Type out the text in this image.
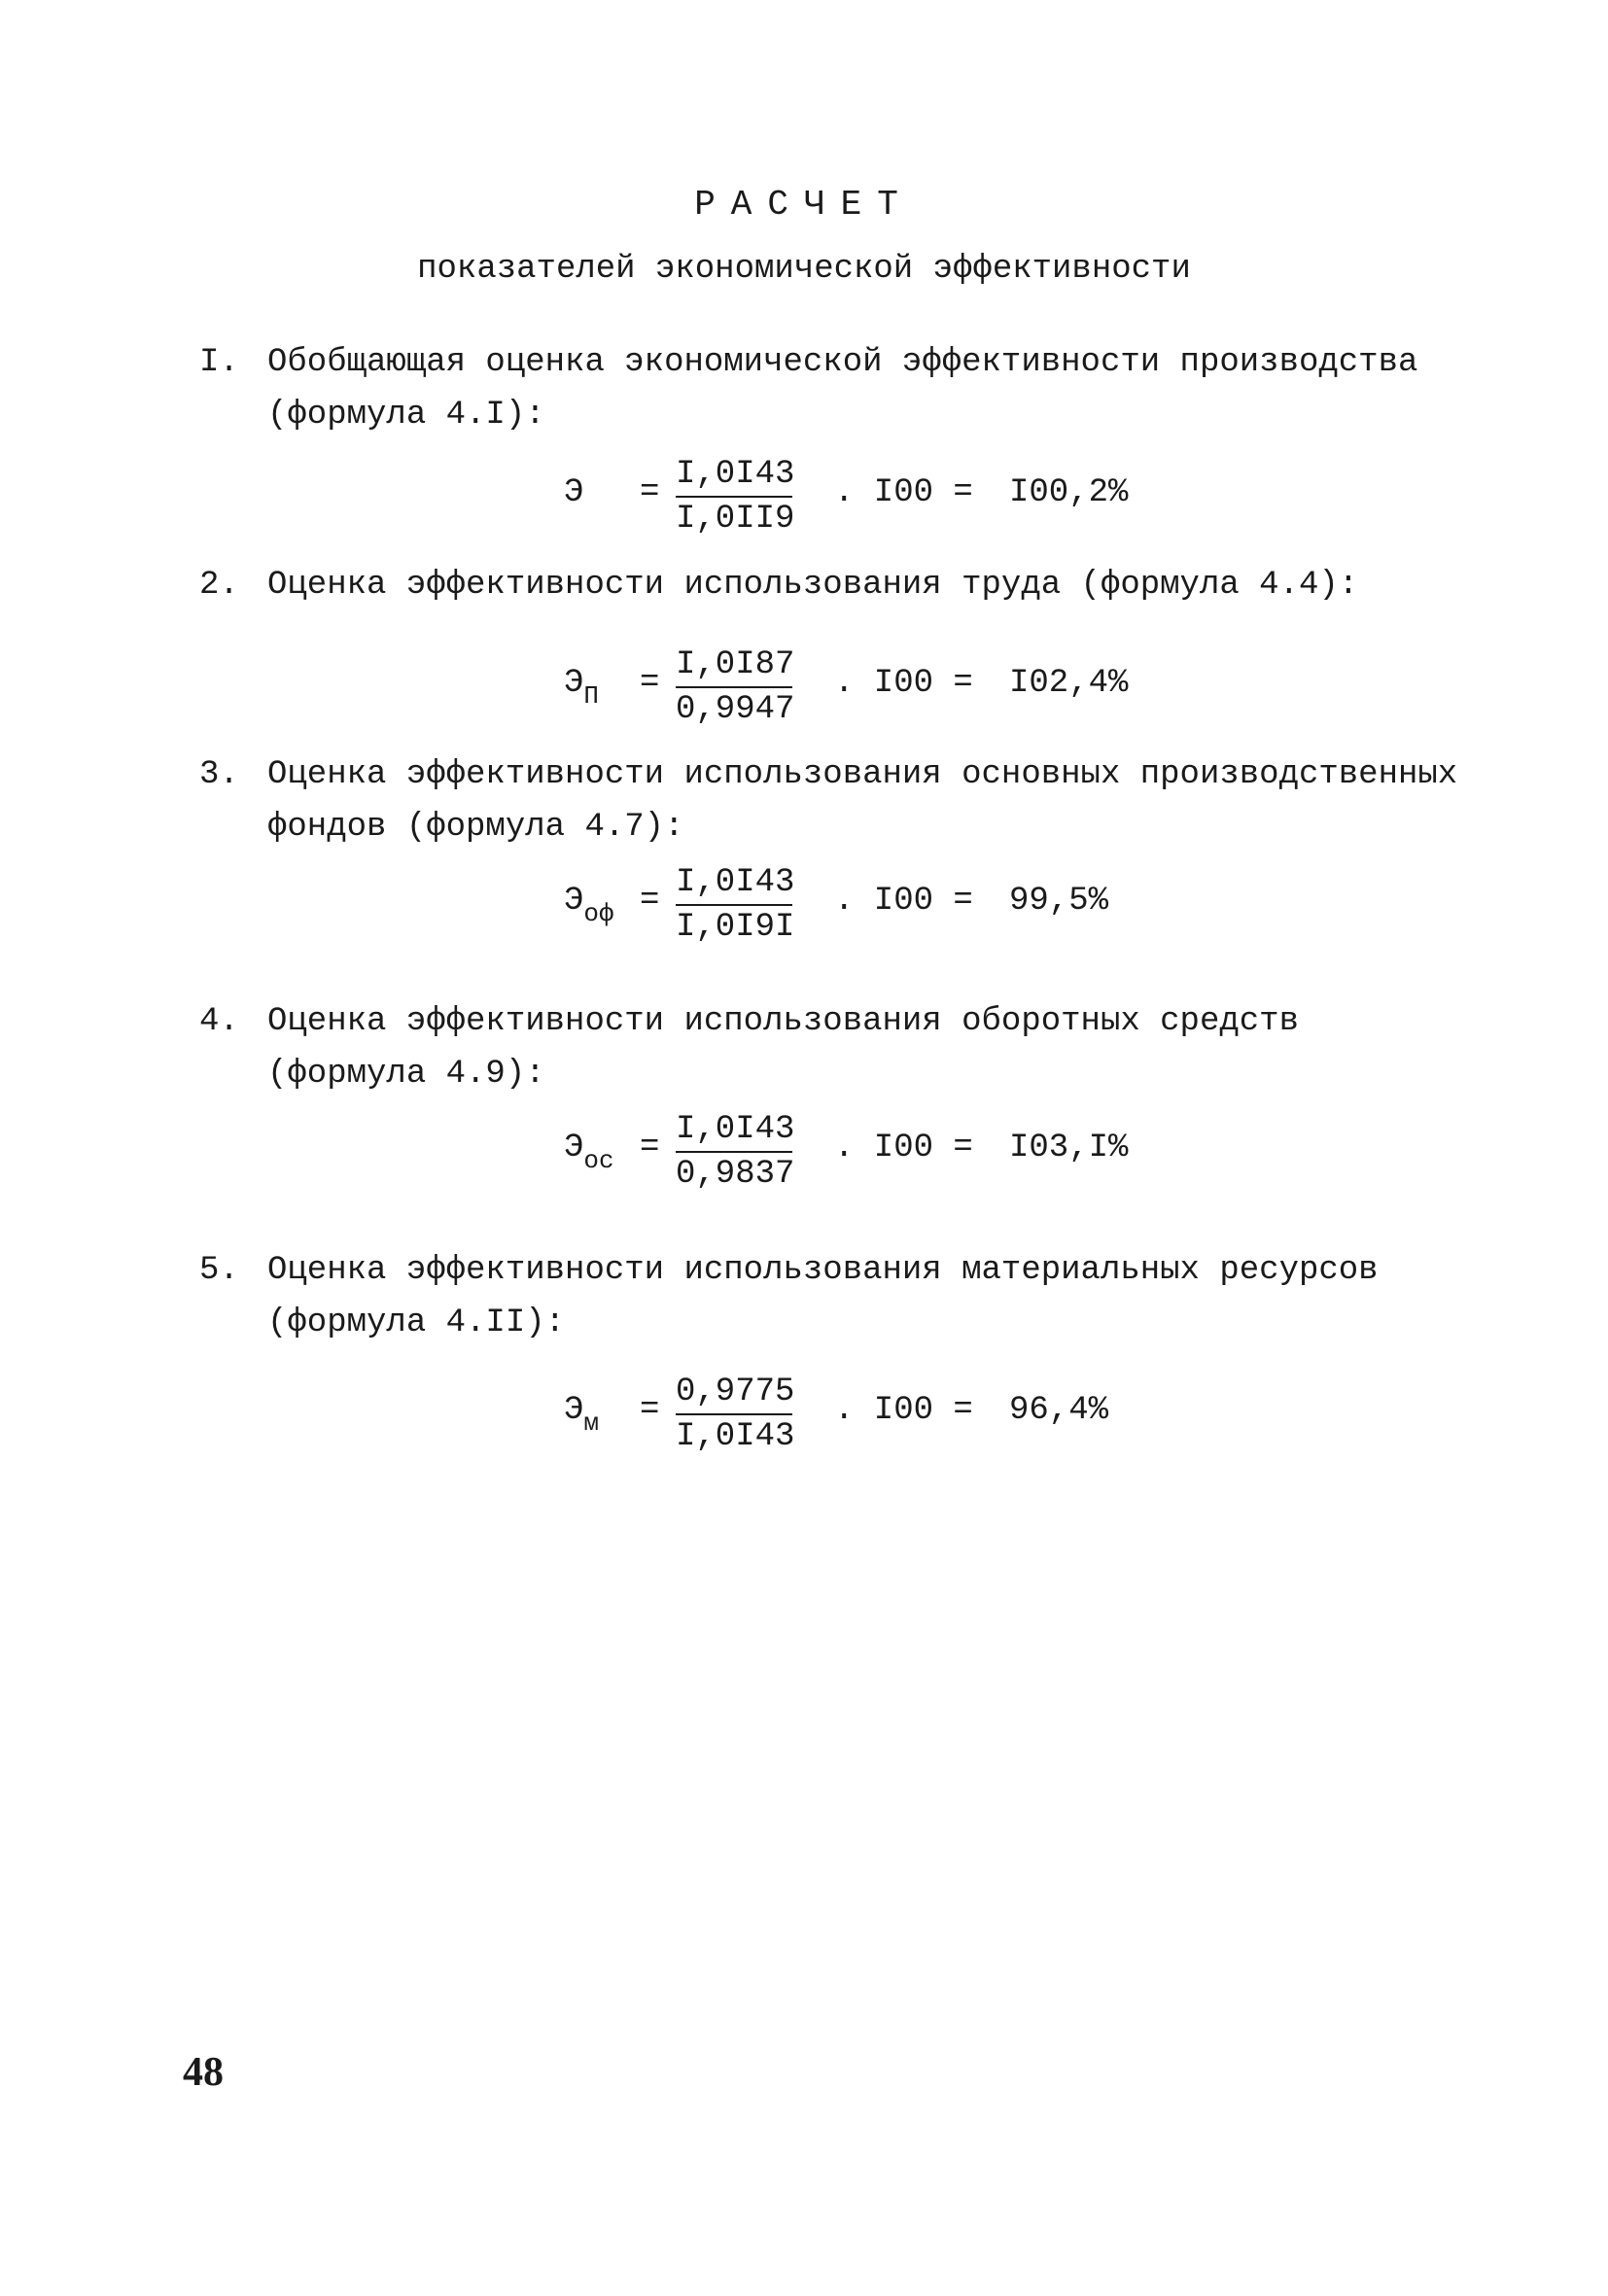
РАСЧЕТ
показателей экономической эффективности
I. Обобщающая оценка экономической эффективности производства
(формула 4.I):
$Э = \frac{I,0I43}{I,0II9}$ . I00 = I00,2%
2. Оценка эффективности использования труда (формула 4.4):
$Э_П = \frac{I,0I87}{0,9947}$ . I00 = I02,4%
3. Оценка эффективности использования основных производственных
фондов (формула 4.7):
$Э_{оф} = \frac{I,0I43}{I,0I9I}$ . I00 = 99,5%
4. Оценка эффективности использования оборотных средств
(формула 4.9):
$Э_{ос} = \frac{I,0I43}{0,9837}$ . I00 = I03,I%
5. Оценка эффективности использования материальных ресурсов
(формула 4.II):
$Э_м = \frac{0,9775}{I,0I43}$ . I00 = 96,4%
48
